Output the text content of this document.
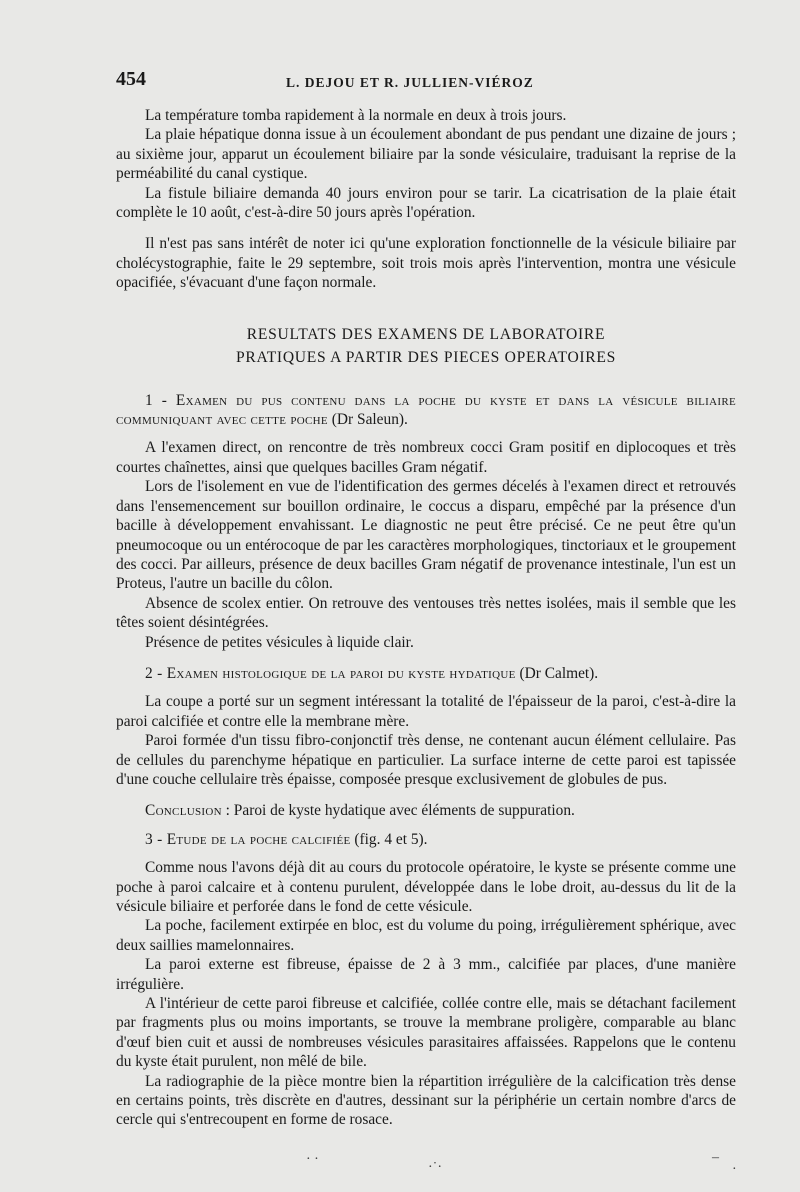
454	L. DEJOU ET R. JULLIEN-VIÉROZ

La température tomba rapidement à la normale en deux à trois jours.

La plaie hépatique donna issue à un écoulement abondant de pus pendant une dizaine de jours ; au sixième jour, apparut un écoulement biliaire par la sonde vésiculaire, traduisant la reprise de la perméabilité du canal cystique.

La fistule biliaire demanda 40 jours environ pour se tarir. La cicatrisation de la plaie était complète le 10 août, c'est-à-dire 50 jours après l'opération.

Il n'est pas sans intérêt de noter ici qu'une exploration fonctionnelle de la vésicule biliaire par cholécystographie, faite le 29 septembre, soit trois mois après l'intervention, montra une vésicule opacifiée, s'évacuant d'une façon normale.

RESULTATS DES EXAMENS DE LABORATOIRE
PRATIQUES A PARTIR DES PIECES OPERATOIRES

1 - Examen du pus contenu dans la poche du kyste et dans la vésicule biliaire communiquant avec cette poche (Dr Saleun).

A l'examen direct, on rencontre de très nombreux cocci Gram positif en diplocoques et très courtes chaînettes, ainsi que quelques bacilles Gram négatif.

Lors de l'isolement en vue de l'identification des germes décelés à l'examen direct et retrouvés dans l'ensemencement sur bouillon ordinaire, le coccus a disparu, empêché par la présence d'un bacille à développement envahissant. Le diagnostic ne peut être précisé. Ce ne peut être qu'un pneumocoque ou un entérocoque de par les caractères morphologiques, tinctoriaux et le groupement des cocci. Par ailleurs, présence de deux bacilles Gram négatif de provenance intestinale, l'un est un Proteus, l'autre un bacille du côlon.

Absence de scolex entier. On retrouve des ventouses très nettes isolées, mais il semble que les têtes soient désintégrées.

Présence de petites vésicules à liquide clair.

2 - Examen histologique de la paroi du kyste hydatique (Dr Calmet).

La coupe a porté sur un segment intéressant la totalité de l'épaisseur de la paroi, c'est-à-dire la paroi calcifiée et contre elle la membrane mère.

Paroi formée d'un tissu fibro-conjonctif très dense, ne contenant aucun élément cellulaire. Pas de cellules du parenchyme hépatique en particulier. La surface interne de cette paroi est tapissée d'une couche cellulaire très épaisse, composée presque exclusivement de globules de pus.

Conclusion : Paroi de kyste hydatique avec éléments de suppuration.

3 - Etude de la poche calcifiée (fig. 4 et 5).

Comme nous l'avons déjà dit au cours du protocole opératoire, le kyste se présente comme une poche à paroi calcaire et à contenu purulent, développée dans le lobe droit, au-dessus du lit de la vésicule biliaire et perforée dans le fond de cette vésicule.

La poche, facilement extirpée en bloc, est du volume du poing, irrégulièrement sphérique, avec deux saillies mamelonnaires.

La paroi externe est fibreuse, épaisse de 2 à 3 mm., calcifiée par places, d'une manière irrégulière.

A l'intérieur de cette paroi fibreuse et calcifiée, collée contre elle, mais se détachant facilement par fragments plus ou moins importants, se trouve la membrane proligère, comparable au blanc d'œuf bien cuit et aussi de nombreuses vésicules parasitaires affaissées. Rappelons que le contenu du kyste était purulent, non mêlé de bile.

La radiographie de la pièce montre bien la répartition irrégulière de la calcification très dense en certains points, très discrète en d'autres, dessinant sur la périphérie un certain nombre d'arcs de cercle qui s'entrecoupent en forme de rosace.

· ·
·˙·
–
·
